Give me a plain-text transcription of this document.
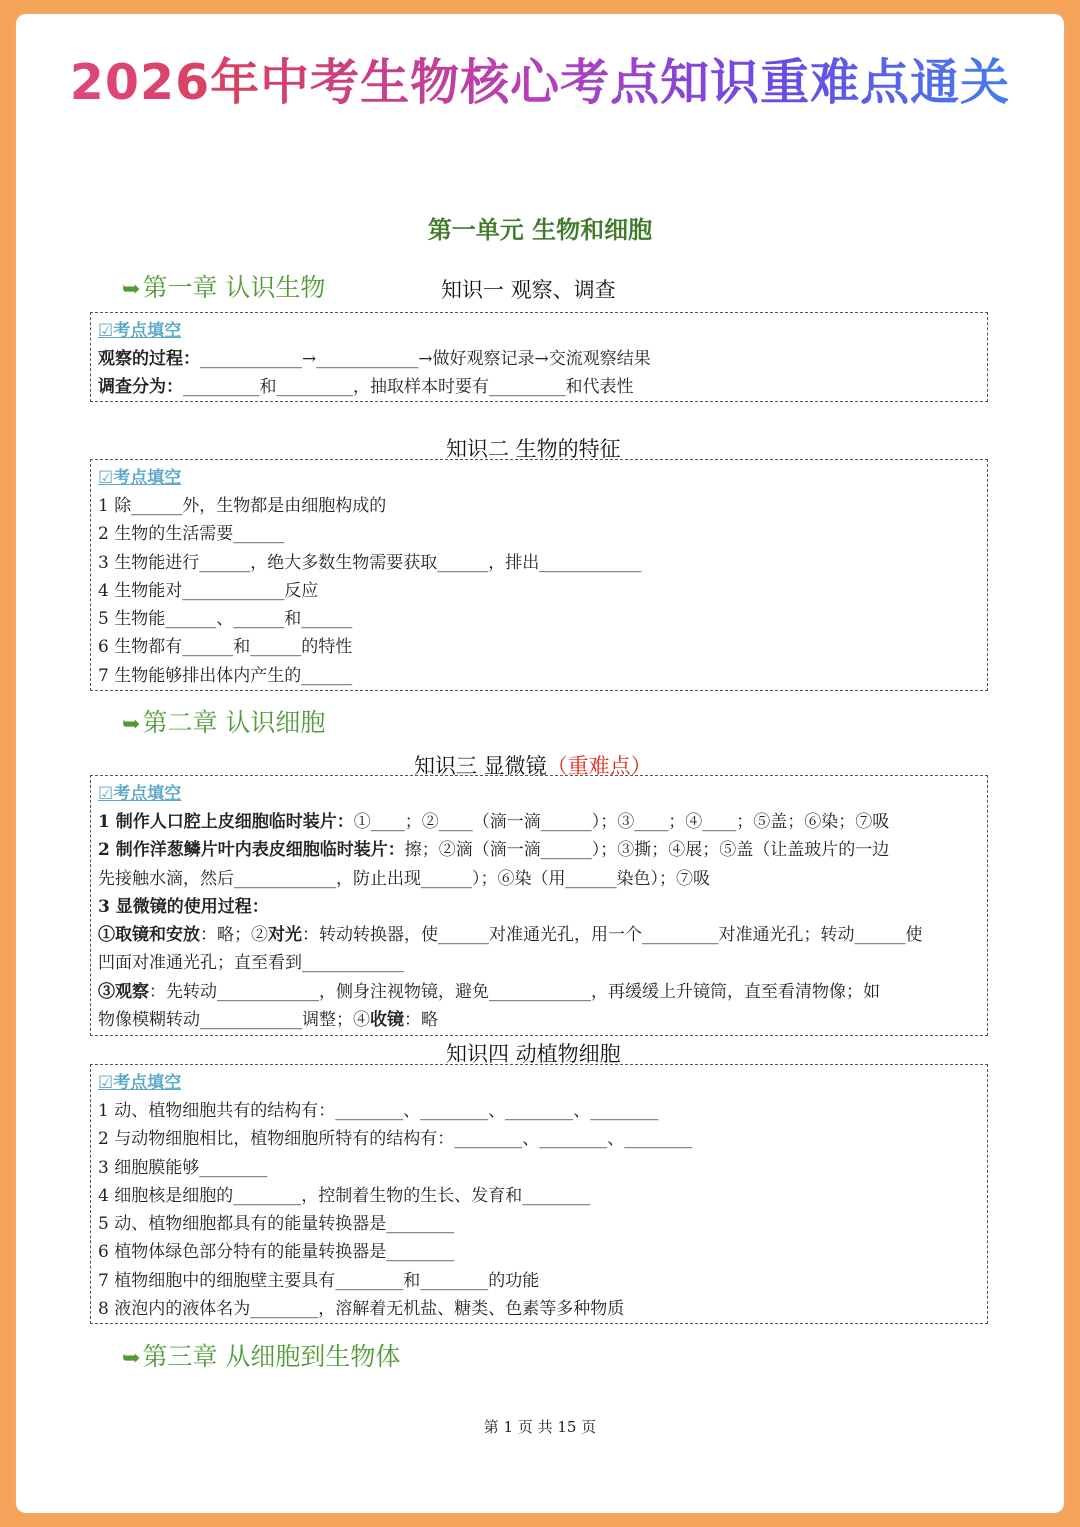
2026年中考生物核心考点知识重难点通关
第一单元 生物和细胞
➥第一章 认识生物	知识一 观察、调查
☑考点填空
观察的过程：____________→____________→做好观察记录→交流观察结果
调查分为：_________和_________，抽取样本时要有_________和代表性
知识二 生物的特征
☑考点填空
1 除______外，生物都是由细胞构成的
2 生物的生活需要______
3 生物能进行______，绝大多数生物需要获取______，排出____________
4 生物能对____________反应
5 生物能______、______和______
6 生物都有______和______的特性
7 生物能够排出体内产生的______
➥第二章 认识细胞
知识三 显微镜（重难点）
☑考点填空
1 制作人口腔上皮细胞临时装片：①____；②____（滴一滴______）；③____；④____；⑤盖；⑥染；⑦吸
2 制作洋葱鳞片叶内表皮细胞临时装片：擦；②滴（滴一滴______）；③撕；④展；⑤盖（让盖玻片的一边
先接触水滴，然后____________，防止出现______）；⑥染（用______染色）；⑦吸
3 显微镜的使用过程：
①取镜和安放：略；②对光：转动转换器，使______对准通光孔，用一个_________对准通光孔；转动______使
凹面对准通光孔；直至看到____________
③观察：先转动____________，侧身注视物镜，避免____________，再缓缓上升镜筒，直至看清物像；如
物像模糊转动____________调整；④收镜：略
知识四 动植物细胞
☑考点填空
1 动、植物细胞共有的结构有：________、________、________、________
2 与动物细胞相比，植物细胞所特有的结构有：________、________、________
3 细胞膜能够________
4 细胞核是细胞的________，控制着生物的生长、发育和________
5 动、植物细胞都具有的能量转换器是________
6 植物体绿色部分特有的能量转换器是________
7 植物细胞中的细胞壁主要具有________和________的功能
8 液泡内的液体名为________，溶解着无机盐、糖类、色素等多种物质
➥第三章 从细胞到生物体
第 1 页 共 15 页
